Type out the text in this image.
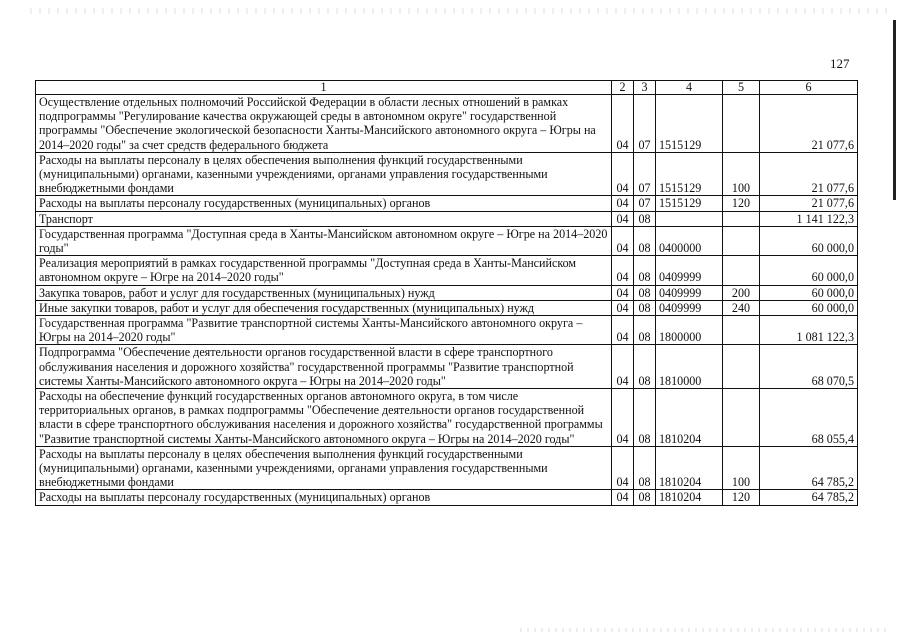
127
1	2	3	4	5	6
Осуществление отдельных полномочий Российской Федерации в области лесных отношений в рамках подпрограммы "Регулирование качества окружающей среды в автономном округе" государственной программы "Обеспечение экологической безопасности Ханты-Мансийского автономного округа – Югры на 2014–2020 годы" за счет средств федерального бюджета	04	07	1515129		21 077,6
Расходы на выплаты персоналу в целях обеспечения выполнения функций государственными (муниципальными) органами, казенными учреждениями, органами управления государственными внебюджетными фондами	04	07	1515129	100	21 077,6
Расходы на выплаты персоналу государственных (муниципальных) органов	04	07	1515129	120	21 077,6
Транспорт	04	08			1 141 122,3
Государственная программа "Доступная среда в Ханты-Мансийском автономном округе – Югре на 2014–2020 годы"	04	08	0400000		60 000,0
Реализация мероприятий в рамках государственной программы "Доступная среда в Ханты-Мансийском автономном округе – Югре на 2014–2020 годы"	04	08	0409999		60 000,0
Закупка товаров, работ и услуг для государственных (муниципальных) нужд	04	08	0409999	200	60 000,0
Иные закупки товаров, работ и услуг для обеспечения государственных (муниципальных) нужд	04	08	0409999	240	60 000,0
Государственная программа "Развитие транспортной системы Ханты-Мансийского автономного округа – Югры на 2014–2020 годы"	04	08	1800000		1 081 122,3
Подпрограмма "Обеспечение деятельности органов государственной власти в сфере транспортного обслуживания населения и дорожного хозяйства" государственной программы "Развитие транспортной системы Ханты-Мансийского автономного округа – Югры на 2014–2020 годы"	04	08	1810000		68 070,5
Расходы на обеспечение функций государственных органов автономного округа, в том числе территориальных органов, в рамках подпрограммы "Обеспечение деятельности органов государственной власти в сфере транспортного обслуживания населения и дорожного хозяйства" государственной программы "Развитие транспортной системы Ханты-Мансийского автономного округа – Югры на 2014–2020 годы"	04	08	1810204		68 055,4
Расходы на выплаты персоналу в целях обеспечения выполнения функций государственными (муниципальными) органами, казенными учреждениями, органами управления государственными внебюджетными фондами	04	08	1810204	100	64 785,2
Расходы на выплаты персоналу государственных (муниципальных) органов	04	08	1810204	120	64 785,2
